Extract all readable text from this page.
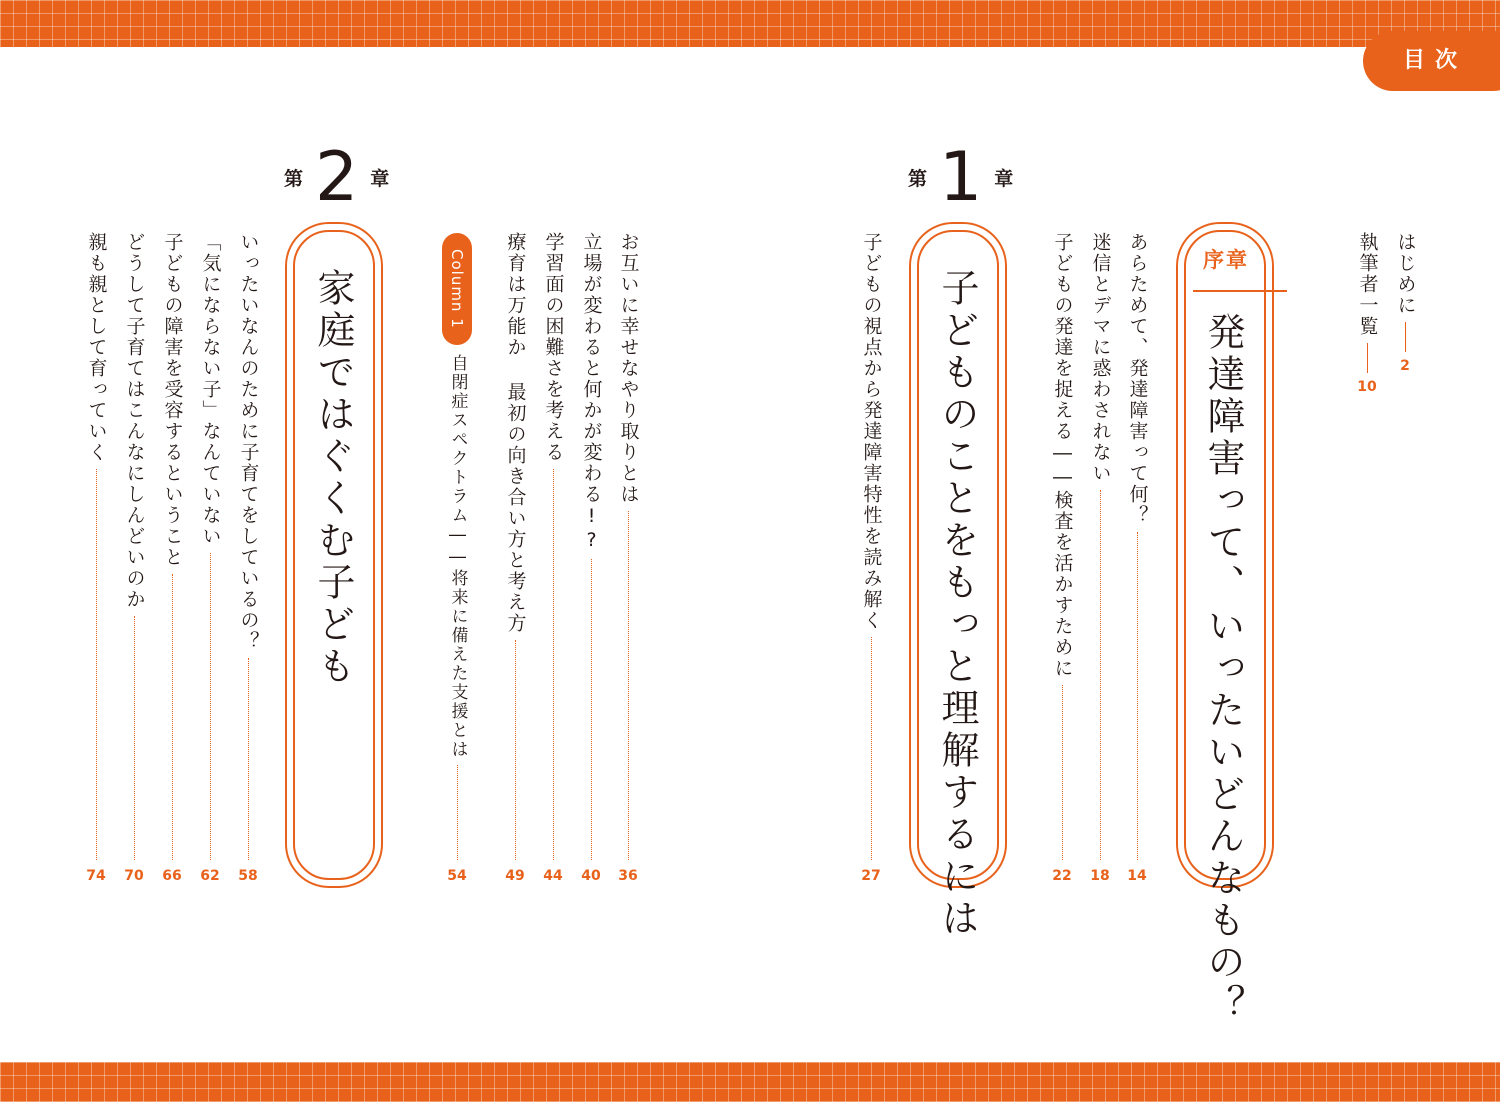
目次
はじめに
2
執筆者一覧
10
序章
発達障害って、いったいどんなもの？
あらためて、発達障害って何？
14
迷信とデマに惑わされない
18
子どもの発達を捉える――検査を活かすために
22
第 1 章
子どものことをもっと理解するには
子どもの視点から発達障害特性を読み解く
27
お互いに幸せなやり取りとは
36
立場が変わると何かが変わる!?
40
学習面の困難さを考える
44
療育は万能か 最初の向き合い方と考え方
49
Column 1
自閉症スペクトラム――将来に備えた支援とは
54
第 2 章
家庭ではぐくむ子ども
いったいなんのために子育てをしているの？
58
「気にならない子」なんていない
62
子どもの障害を受容するということ
66
どうして子育てはこんなにしんどいのか
70
親も親として育っていく
74
